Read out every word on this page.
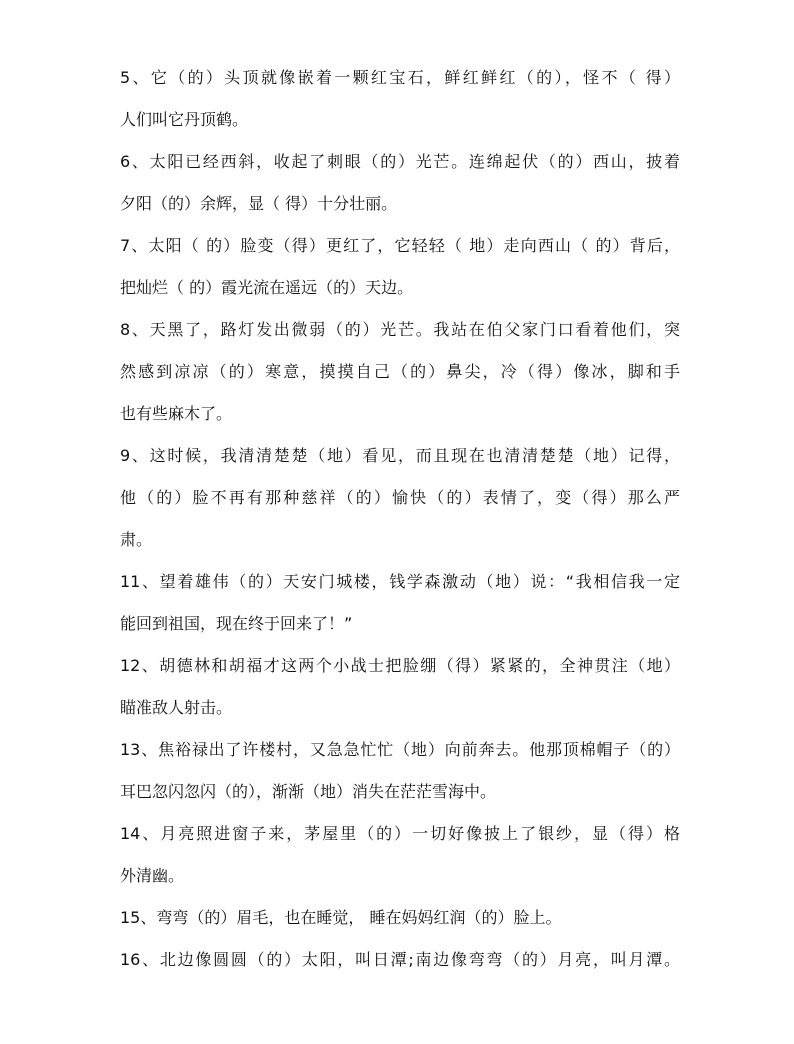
5、它（的）头顶就像嵌着一颗红宝石，鲜红鲜红（的），怪不（ 得）
人们叫它丹顶鹤。
6、太阳已经西斜，收起了刺眼（的）光芒。连绵起伏（的）西山，披着
夕阳（的）余辉，显（ 得）十分壮丽。
7、太阳（ 的）脸变（得）更红了，它轻轻（ 地）走向西山（ 的）背后，
把灿烂（ 的）霞光流在遥远（的）天边。
8、天黑了，路灯发出微弱（的）光芒。我站在伯父家门口看着他们，突
然感到凉凉（的）寒意，摸摸自己（的）鼻尖，冷（得）像冰，脚和手
也有些麻木了。
9、这时候，我清清楚楚（地）看见，而且现在也清清楚楚（地）记得，
他（的）脸不再有那种慈祥（的）愉快（的）表情了，变（得）那么严
肃。
11、望着雄伟（的）天安门城楼，钱学森激动（地）说：“我相信我一定
能回到祖国，现在终于回来了！”
12、胡德林和胡福才这两个小战士把脸绷（得）紧紧的，全神贯注（地）
瞄准敌人射击。
13、焦裕禄出了许楼村，又急急忙忙（地）向前奔去。他那顶棉帽子（的）
耳巴忽闪忽闪（的），渐渐（地）消失在茫茫雪海中。
14、月亮照进窗子来，茅屋里（的）一切好像披上了银纱，显（得）格
外清幽。
15、弯弯（的）眉毛，也在睡觉， 睡在妈妈红润（的）脸上。
16、北边像圆圆（的）太阳，叫日潭;南边像弯弯（的）月亮，叫月潭。
